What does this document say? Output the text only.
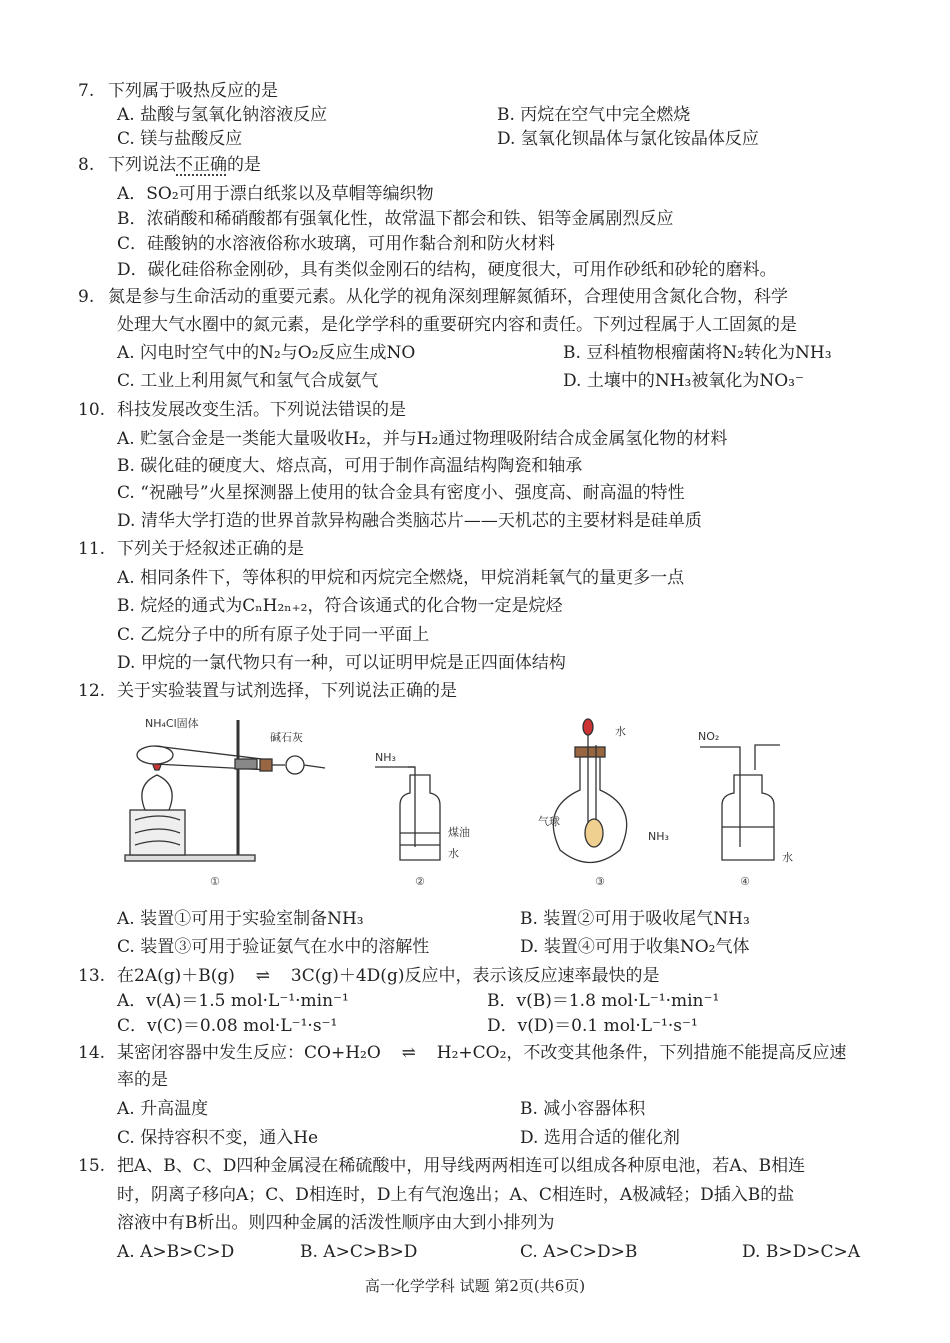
7. 下列属于吸热反应的是
A. 盐酸与氢氧化钠溶液反应	B. 丙烷在空气中完全燃烧
C. 镁与盐酸反应	D. 氢氧化钡晶体与氯化铵晶体反应
8. 下列说法不正确的是
A．SO₂可用于漂白纸浆以及草帽等编织物
B．浓硝酸和稀硝酸都有强氧化性，故常温下都会和铁、铝等金属剧烈反应
C．硅酸钠的水溶液俗称水玻璃，可用作黏合剂和防火材料
D．碳化硅俗称金刚砂，具有类似金刚石的结构，硬度很大，可用作砂纸和砂轮的磨料。
9. 氮是参与生命活动的重要元素。从化学的视角深刻理解氮循环，合理使用含氮化合物，科学
处理大气水圈中的氮元素，是化学学科的重要研究内容和责任。下列过程属于人工固氮的是
A. 闪电时空气中的N₂与O₂反应生成NO	B. 豆科植物根瘤菌将N₂转化为NH₃
C. 工业上利用氮气和氢气合成氨气	D. 土壤中的NH₃被氧化为NO₃⁻
10. 科技发展改变生活。下列说法错误的是
A. 贮氢合金是一类能大量吸收H₂，并与H₂通过物理吸附结合成金属氢化物的材料
B. 碳化硅的硬度大、熔点高，可用于制作高温结构陶瓷和轴承
C. “祝融号”火星探测器上使用的钛合金具有密度小、强度高、耐高温的特性
D. 清华大学打造的世界首款异构融合类脑芯片——天机芯的主要材料是硅单质
11. 下列关于烃叙述正确的是
A. 相同条件下，等体积的甲烷和丙烷完全燃烧，甲烷消耗氧气的量更多一点
B. 烷烃的通式为CₙH₂ₙ₊₂，符合该通式的化合物一定是烷烃
C. 乙烷分子中的所有原子处于同一平面上
D. 甲烷的一氯代物只有一种，可以证明甲烷是正四面体结构
12. 关于实验装置与试剂选择，下列说法正确的是
NH₄Cl固体
碱石灰
①
NH₃
煤油
水
②
水
气球
NH₃
③
NO₂
水
④
A. 装置①可用于实验室制备NH₃	B. 装置②可用于吸收尾气NH₃
C. 装置③可用于验证氨气在水中的溶解性	D. 装置④可用于收集NO₂气体
13. 在2A(g)＋B(g) ⇌ 3C(g)＋4D(g)反应中，表示该反应速率最快的是
A．v(A)＝1.5 mol·L⁻¹·min⁻¹	B．v(B)＝1.8 mol·L⁻¹·min⁻¹
C．v(C)＝0.08 mol·L⁻¹·s⁻¹	D．v(D)＝0.1 mol·L⁻¹·s⁻¹
14. 某密闭容器中发生反应：CO+H₂O ⇌ H₂+CO₂，不改变其他条件，下列措施不能提高反应速
率的是
A. 升高温度	B. 减小容器体积
C. 保持容积不变，通入He	D. 选用合适的催化剂
15. 把A、B、C、D四种金属浸在稀硫酸中，用导线两两相连可以组成各种原电池，若A、B相连
时，阴离子移向A；C、D相连时，D上有气泡逸出；A、C相连时，A极减轻；D插入B的盐
溶液中有B析出。则四种金属的活泼性顺序由大到小排列为
A. A>B>C>D	B. A>C>B>D	C. A>C>D>B	D. B>D>C>A
高一化学学科 试题 第2页(共6页)
